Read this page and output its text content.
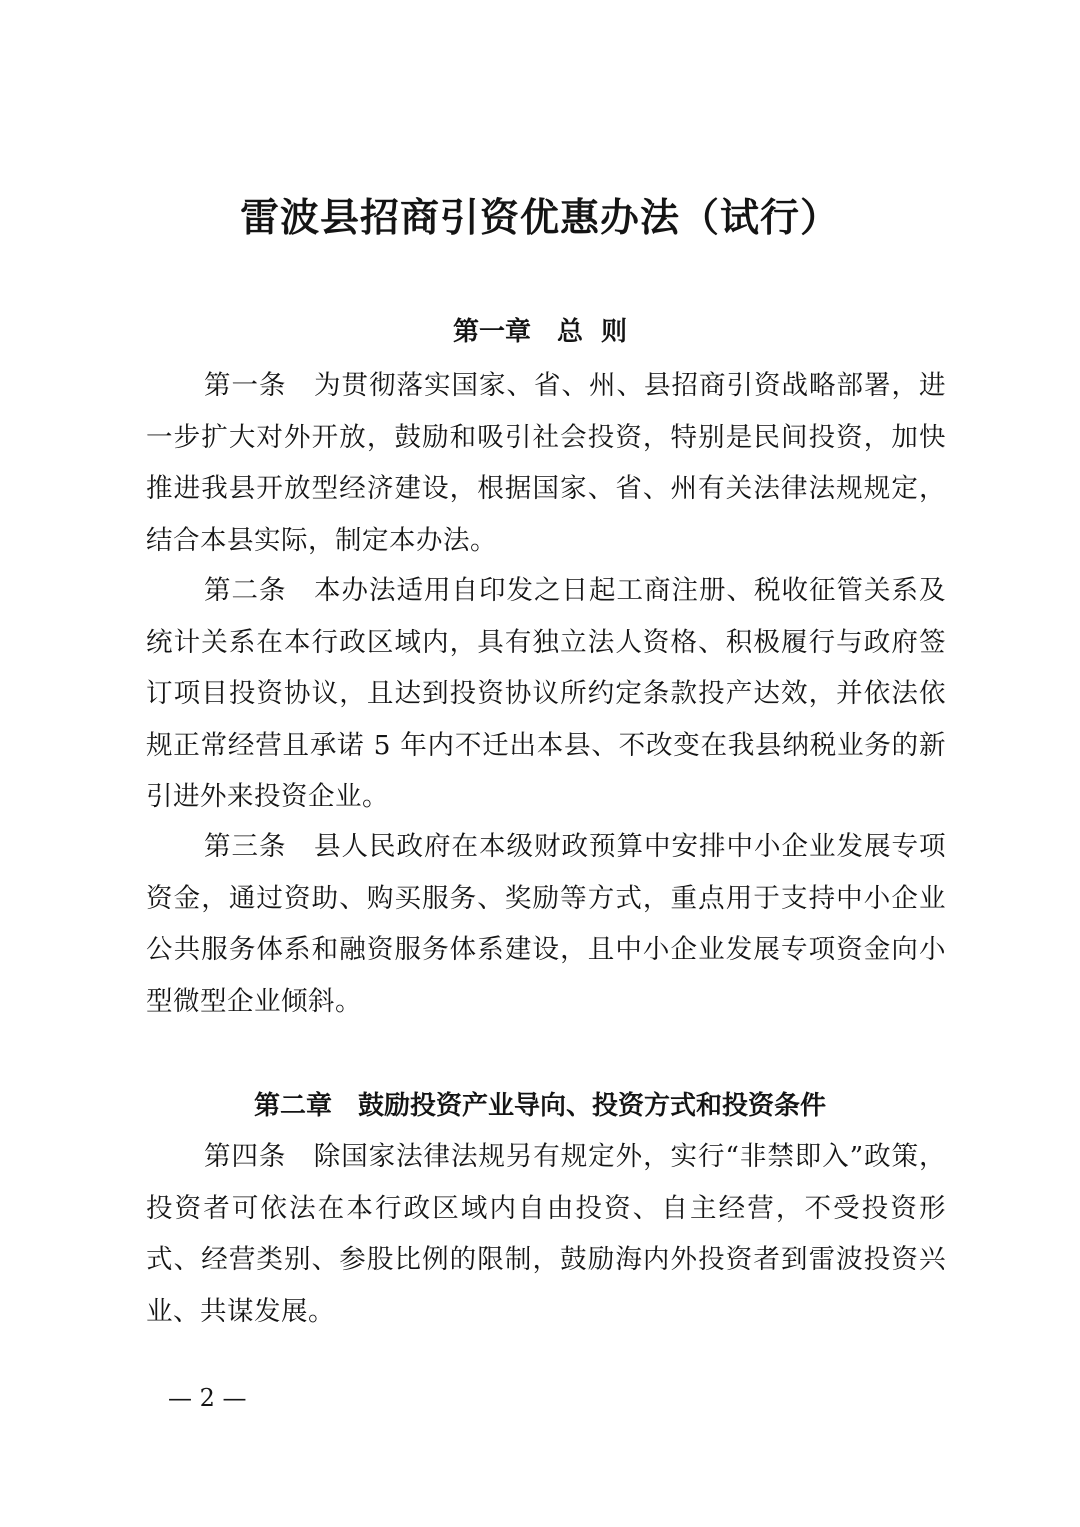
雷波县招商引资优惠办法（试行）
第一章　总  则

第一条　 为贯彻落实国家、省、州、县招商引资战略部署，进一步扩大对外开放，鼓励和吸引社会投资，特别是民间投资，加快推进我县开放型经济建设，根据国家、省、州有关法律法规规定，结合本县实际，制定本办法。

第二条　 本办法适用自印发之日起工商注册、税收征管关系及统计关系在本行政区域内，具有独立法人资格、积极履行与政府签订项目投资协议，且达到投资协议所约定条款投产达效，并依法依规正常经营且承诺 5 年内不迁出本县、不改变在我县纳税业务的新引进外来投资企业。

第三条　 县人民政府在本级财政预算中安排中小企业发展专项资金，通过资助、购买服务、奖励等方式，重点用于支持中小企业公共服务体系和融资服务体系建设，且中小企业发展专项资金向小型微型企业倾斜。

第二章　鼓励投资产业导向、投资方式和投资条件

第四条　 除国家法律法规另有规定外，实行“非禁即入”政策，投资者可依法在本行政区域内自由投资、自主经营，不受投资形式、经营类别、参股比例的限制，鼓励海内外投资者到雷波投资兴业、共谋发展。

— 2 —
